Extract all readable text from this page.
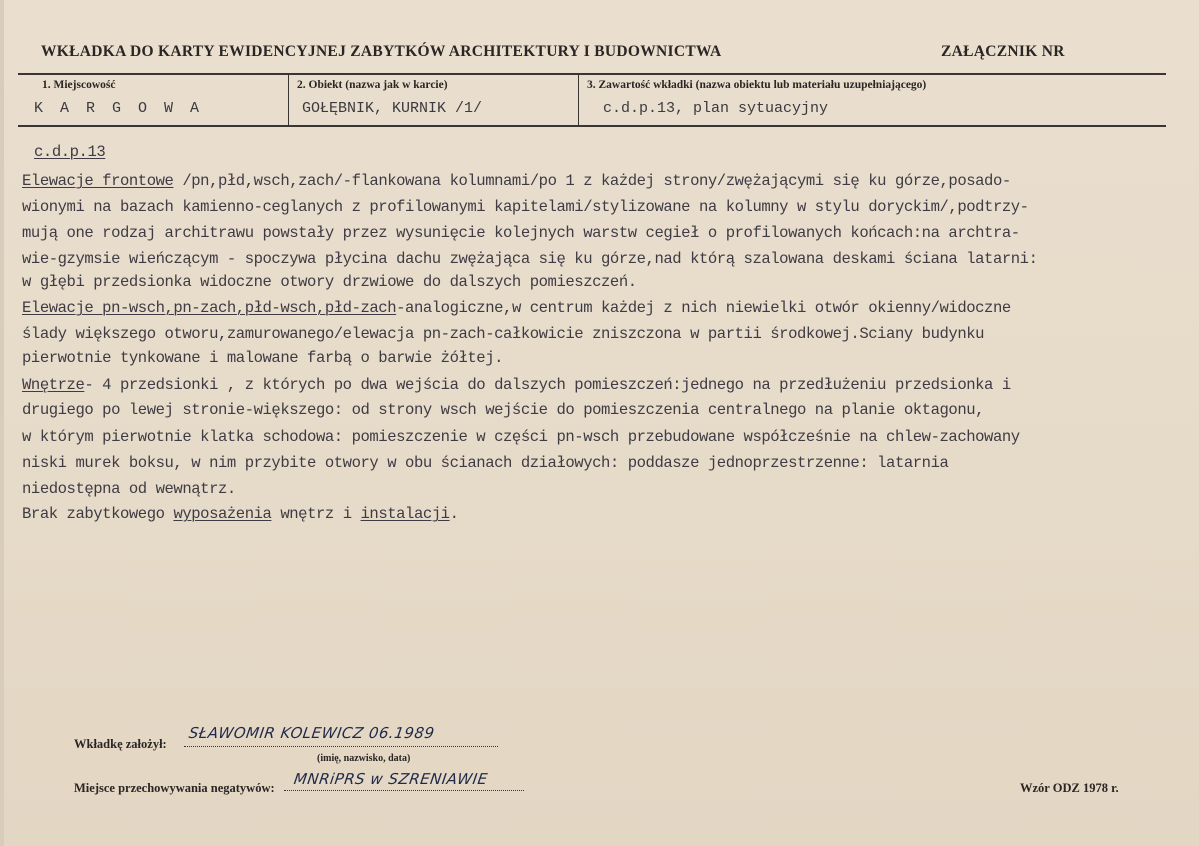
WKŁADKA DO KARTY EWIDENCYJNEJ ZABYTKÓW ARCHITEKTURY I BUDOWNICTWA	ZAŁĄCZNIK NR
1. Miejscowość
K A R G O W A
2. Obiekt (nazwa jak w karcie)
GOŁĘBNIK, KURNIK /1/
3. Zawartość wkładki (nazwa obiektu lub materiału uzupełniającego)
c.d.p.13, plan sytuacyjny
c.d.p.13
Elewacje frontowe /pn,płd,wsch,zach/-flankowana kolumnami/po 1 z każdej strony/zwężającymi się ku górze,posado-
wionymi na bazach kamienno-ceglanych z profilowanymi kapitelami/stylizowane na kolumny w stylu doryckim/,podtrzy-
mują one rodzaj architrawu powstały przez wysunięcie kolejnych warstw cegieł o profilowanych końcach:na archtra-
wie-gzymsie wieńczącym - spoczywa płycina dachu zwężająca się ku górze,nad którą szalowana deskami ściana latarni:
w głębi przedsionka widoczne otwory drzwiowe do dalszych pomieszczeń.
Elewacje pn-wsch,pn-zach,płd-wsch,płd-zach-analogiczne,w centrum każdej z nich niewielki otwór okienny/widoczne
ślady większego otworu,zamurowanego/elewacja pn-zach-całkowicie zniszczona w partii środkowej.Sciany budynku
pierwotnie tynkowane i malowane farbą o barwie żółtej.
Wnętrze- 4 przedsionki , z których po dwa wejścia do dalszych pomieszczeń:jednego na przedłużeniu przedsionka i
drugiego po lewej stronie-większego: od strony wsch wejście do pomieszczenia centralnego na planie oktagonu,
w którym pierwotnie klatka schodowa: pomieszczenie w części pn-wsch przebudowane współcześnie na chlew-zachowany
niski murek boksu, w nim przybite otwory w obu ścianach działowych: poddasze jednoprzestrzenne: latarnia
niedostępna od wewnątrz.
Brak zabytkowego wyposażenia wnętrz i instalacji.
Wkładkę założył:
SŁAWOMIR KOLEWICZ 06.1989
(imię, nazwisko, data)
Miejsce przechowywania negatywów: MNRiPRS w SZRENIAWIE	Wzór ODZ 1978 r.
